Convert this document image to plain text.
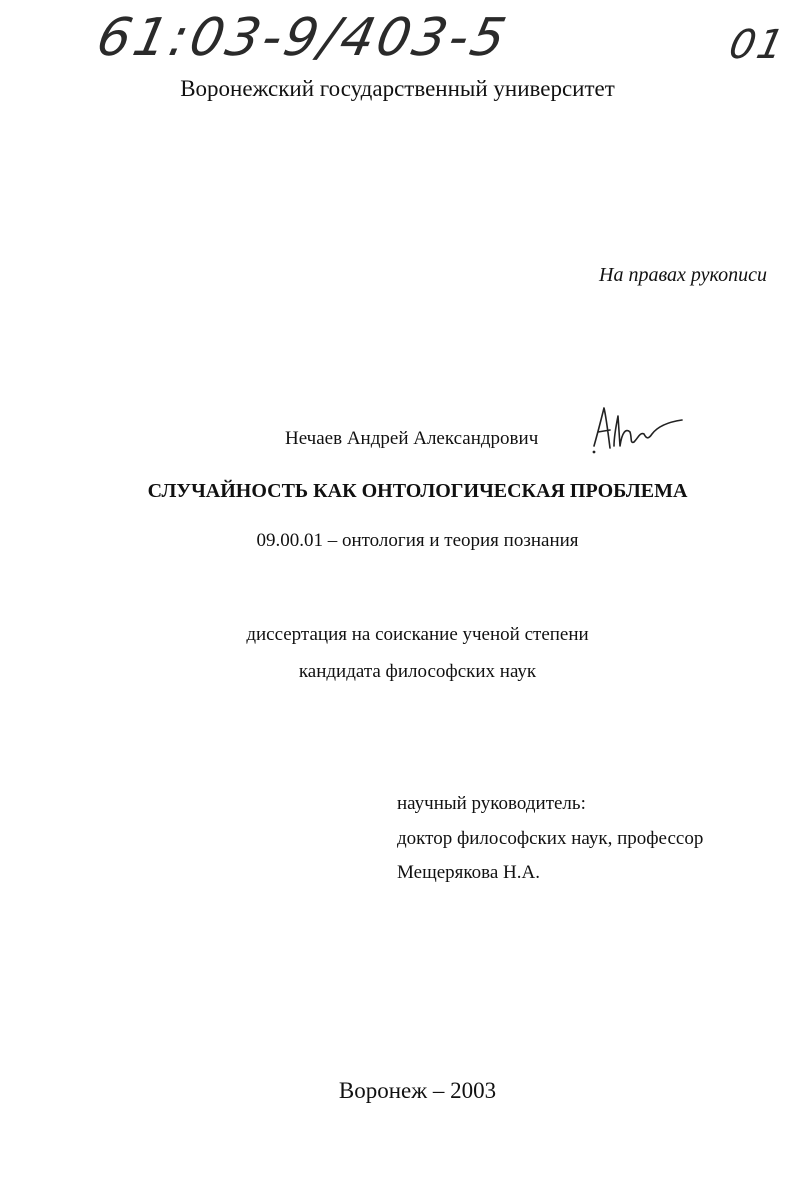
61:03-9/403-5	01
Воронежский государственный университет
На правах рукописи
Нечаев Андрей Александрович
СЛУЧАЙНОСТЬ КАК ОНТОЛОГИЧЕСКАЯ ПРОБЛЕМА
09.00.01 – онтология и теория познания
диссертация на соискание ученой степени
кандидата философских наук
научный руководитель:
доктор философских наук, профессор
Мещерякова Н.А.
Воронеж – 2003
